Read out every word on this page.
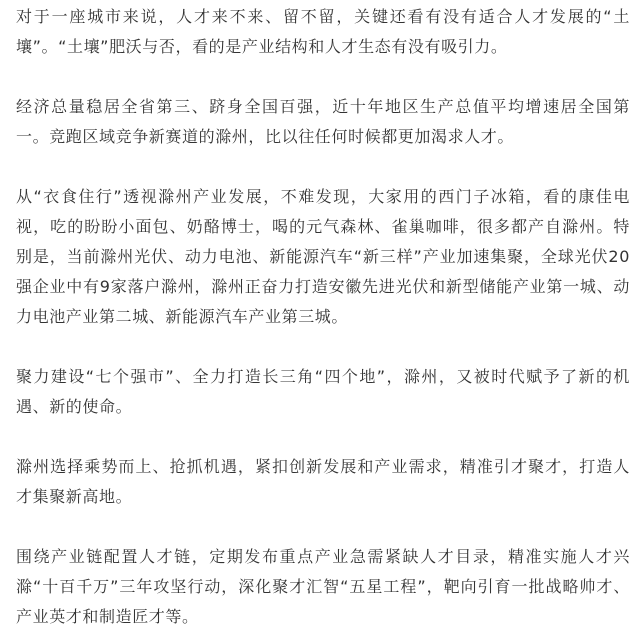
对于一座城市来说，人才来不来、留不留，关键还看有没有适合人才发展的“土壤”。“土壤”肥沃与否，看的是产业结构和人才生态有没有吸引力。

经济总量稳居全省第三、跻身全国百强，近十年地区生产总值平均增速居全国第一。竞跑区域竞争新赛道的滁州，比以往任何时候都更加渴求人才。

从“衣食住行”透视滁州产业发展，不难发现，大家用的西门子冰箱，看的康佳电视，吃的盼盼小面包、奶酪博士，喝的元气森林、雀巢咖啡，很多都产自滁州。特别是，当前滁州光伏、动力电池、新能源汽车“新三样”产业加速集聚，全球光伏20强企业中有9家落户滁州，滁州正奋力打造安徽先进光伏和新型储能产业第一城、动力电池产业第二城、新能源汽车产业第三城。

聚力建设“七个强市”、全力打造长三角“四个地”，滁州，又被时代赋予了新的机遇、新的使命。

滁州选择乘势而上、抢抓机遇，紧扣创新发展和产业需求，精准引才聚才，打造人才集聚新高地。

围绕产业链配置人才链，定期发布重点产业急需紧缺人才目录，精准实施人才兴滁“十百千万”三年攻坚行动，深化聚才汇智“五星工程”，靶向引育一批战略帅才、产业英才和制造匠才等。
